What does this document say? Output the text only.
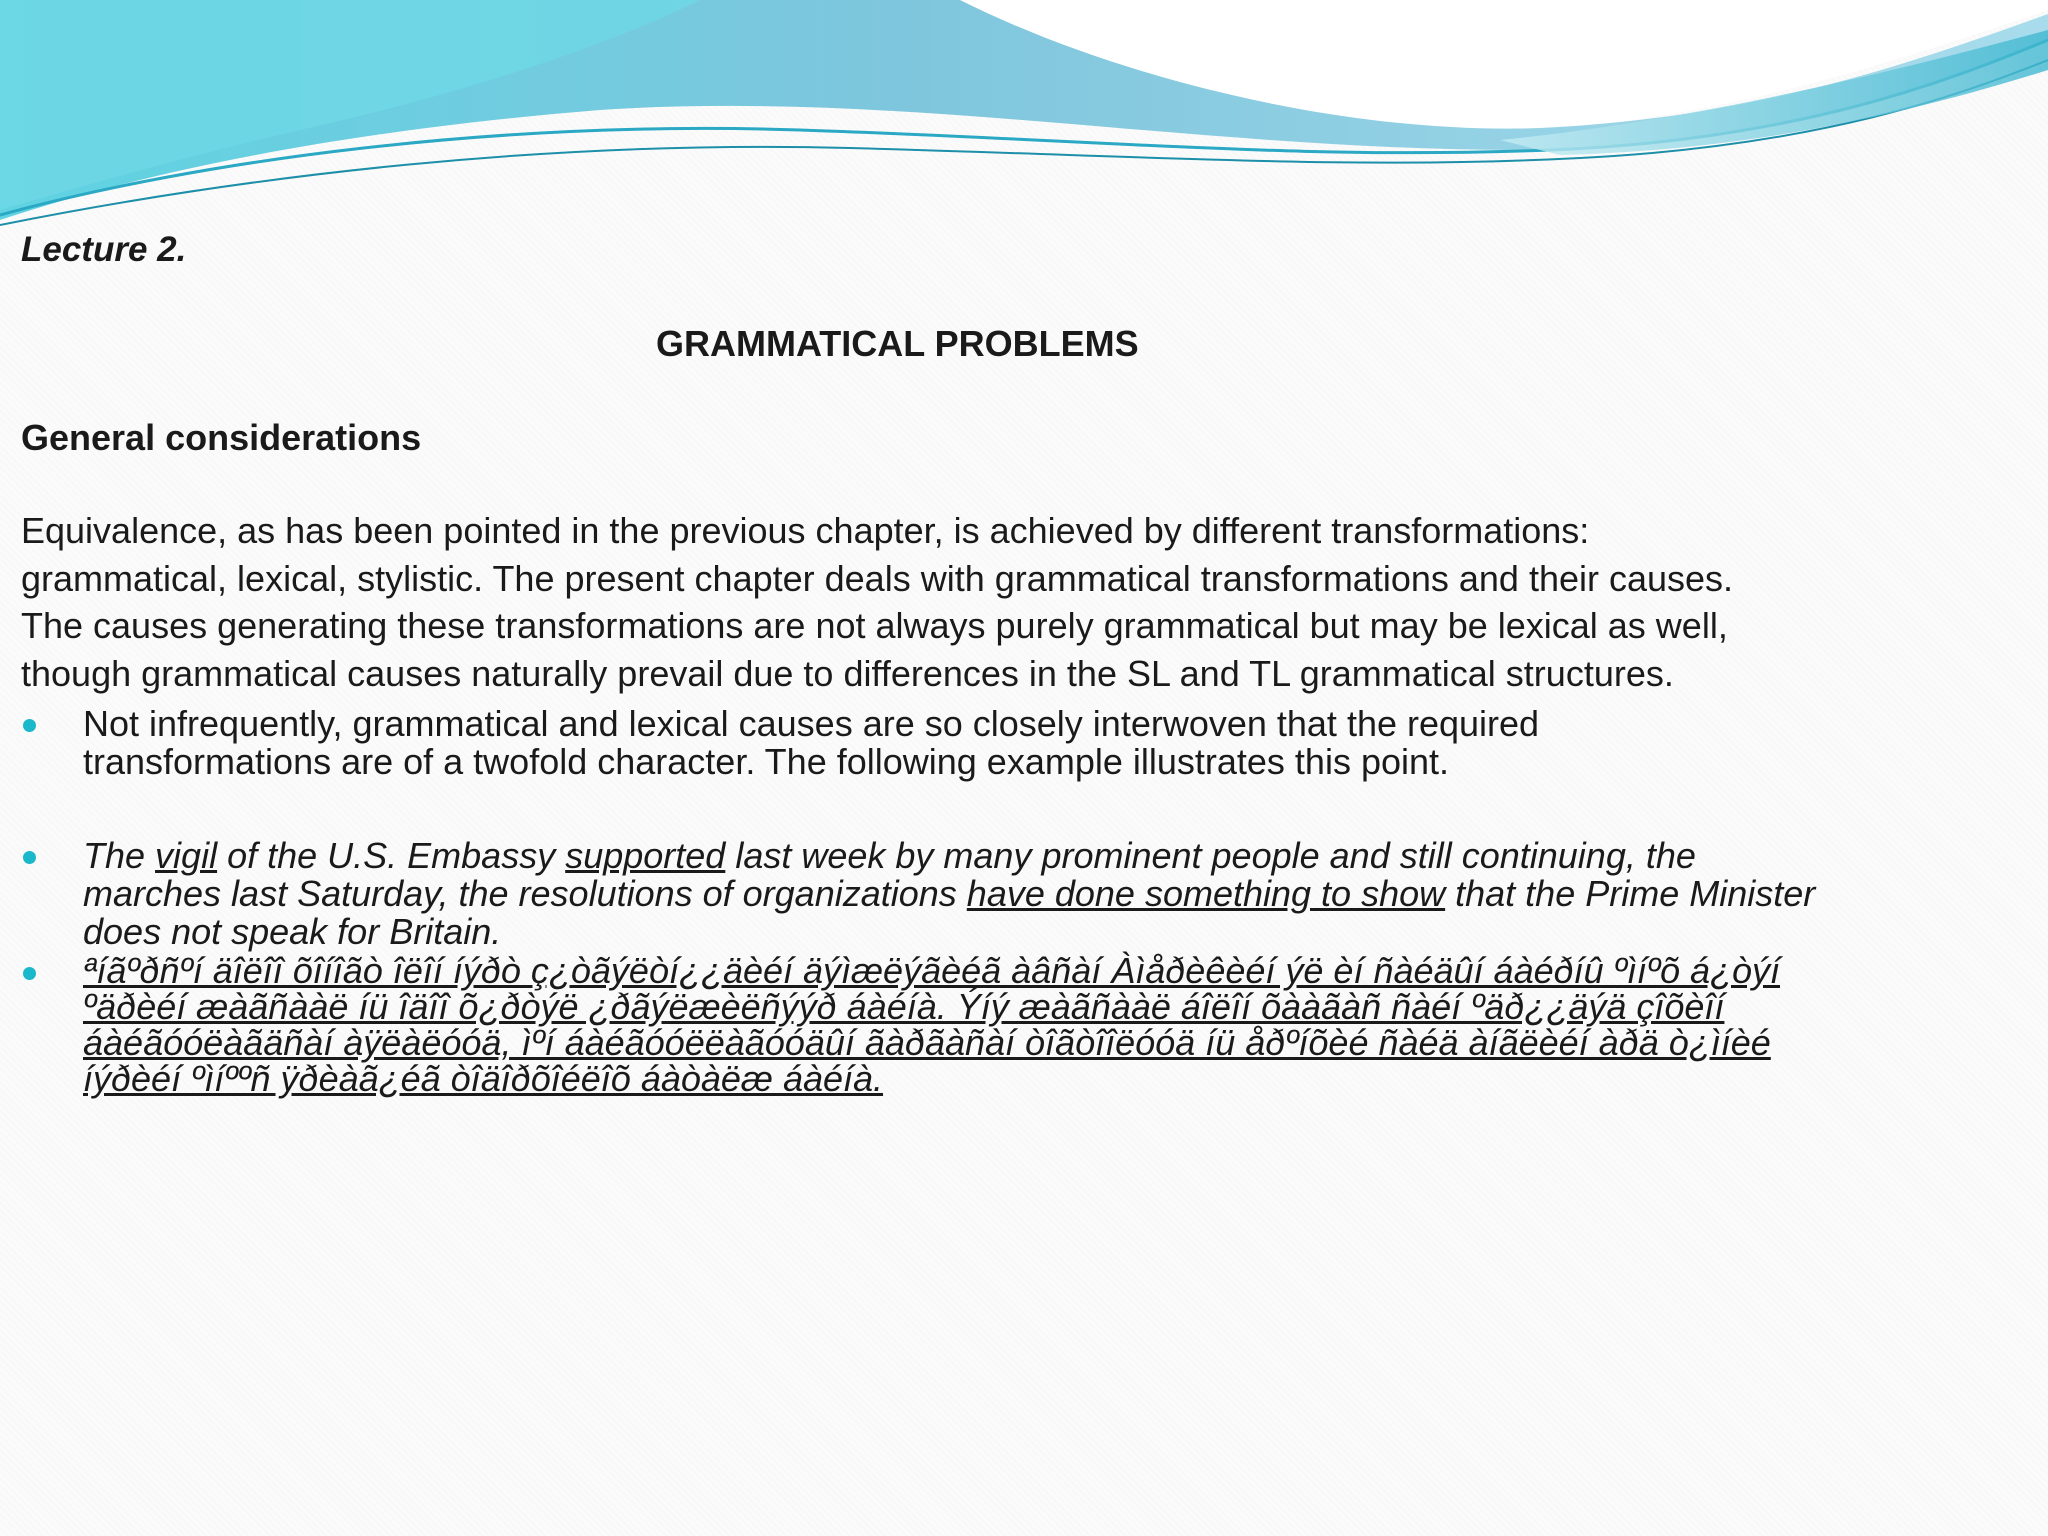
Lecture 2.

GRAMMATICAL PROBLEMS

General considerations

Equivalence, as has been pointed in the previous chapter, is achieved by different transformations: grammatical, lexical, stylistic. The present chapter deals with grammatical transformations and their causes. The causes generating these transformations are not always purely grammatical but may be lexical as well, though grammatical causes naturally prevail due to differences in the SL and TL grammatical structures.

Not infrequently, grammatical and lexical causes are so closely interwoven that the required transformations are of a twofold character. The following example illustrates this point.
The vigil of the U.S. Embassy supported last week by many prominent people and still continuing, the marches last Saturday, the resolutions of organizations have done something to show that the Prime Minister does not speak for Britain.
ªíãºðñºí äîëîî õîíîãò îëîí íýðò ç¿òãýëòí¿¿äèéí äýìæëýãèéã àâñàí Àìåðèêèéí ýë èí ñàéäûí áàéðíû ºìíºõ á¿òýí ºäðèéí æàãñààë íü îäîî õ¿ðòýë ¿ðãýëæèëñýýð áàéíà. Ýíý æàãñààë áîëîí õààãàñ ñàéí ºäð¿¿äýä çîõèîí áàéãóóëàãäñàí àÿëàëóóä, ìºí áàéãóóëëàãóóäûí ãàðãàñàí òîãòîîëóóä íü åðºíõèé ñàéä àíãëèéí àðä ò¿ìíèé íýðèéí ºìíººñ ÿðèàã¿éã òîäîðõîéëîõ áàòàëæ áàéíà.
